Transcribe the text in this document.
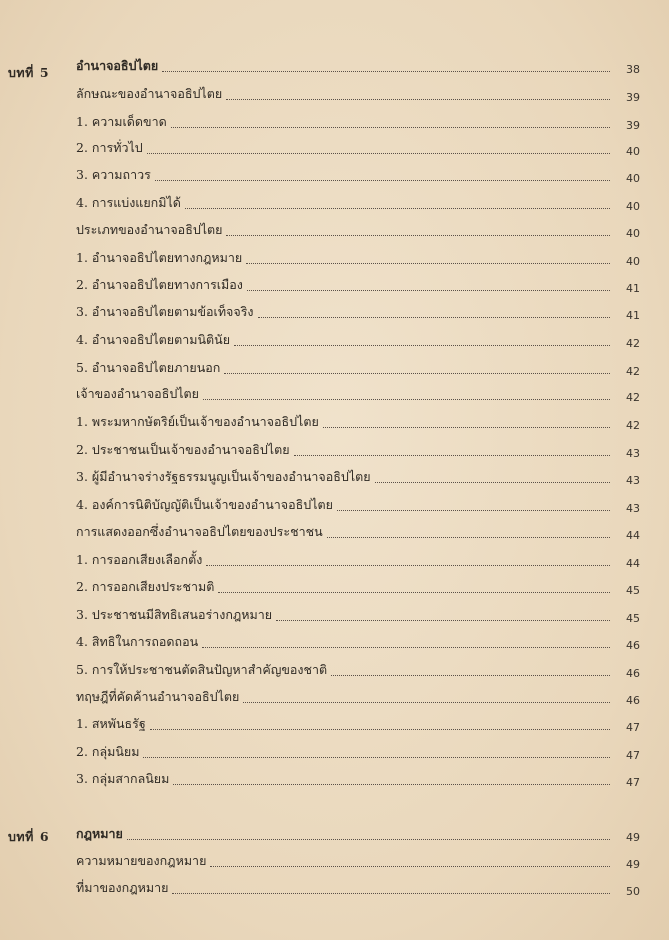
บทที่ 5 อำนาจอธิปไตย	38
ลักษณะของอำนาจอธิปไตย	39
1. ความเด็ดขาด	39
2. การทั่วไป	40
3. ความถาวร	40
4. การแบ่งแยกมิได้	40
ประเภทของอำนาจอธิปไตย	40
1. อำนาจอธิปไตยทางกฎหมาย	40
2. อำนาจอธิปไตยทางการเมือง	41
3. อำนาจอธิปไตยตามข้อเท็จจริง	41
4. อำนาจอธิปไตยตามนิตินัย	42
5. อำนาจอธิปไตยภายนอก	42
เจ้าของอำนาจอธิปไตย	42
1. พระมหากษัตริย์เป็นเจ้าของอำนาจอธิปไตย	42
2. ประชาชนเป็นเจ้าของอำนาจอธิปไตย	43
3. ผู้มีอำนาจร่างรัฐธรรมนูญเป็นเจ้าของอำนาจอธิปไตย	43
4. องค์การนิติบัญญัติเป็นเจ้าของอำนาจอธิปไตย	43
การแสดงออกซึ่งอำนาจอธิปไตยของประชาชน	44
1. การออกเสียงเลือกตั้ง	44
2. การออกเสียงประชามติ	45
3. ประชาชนมีสิทธิเสนอร่างกฎหมาย	45
4. สิทธิในการถอดถอน	46
5. การให้ประชาชนตัดสินปัญหาสำคัญของชาติ	46
ทฤษฎีที่คัดค้านอำนาจอธิปไตย	46
1. สหพันธรัฐ	47
2. กลุ่มนิยม	47
3. กลุ่มสากลนิยม	47
บทที่ 6 กฎหมาย	49
ความหมายของกฎหมาย	49
ที่มาของกฎหมาย	50
